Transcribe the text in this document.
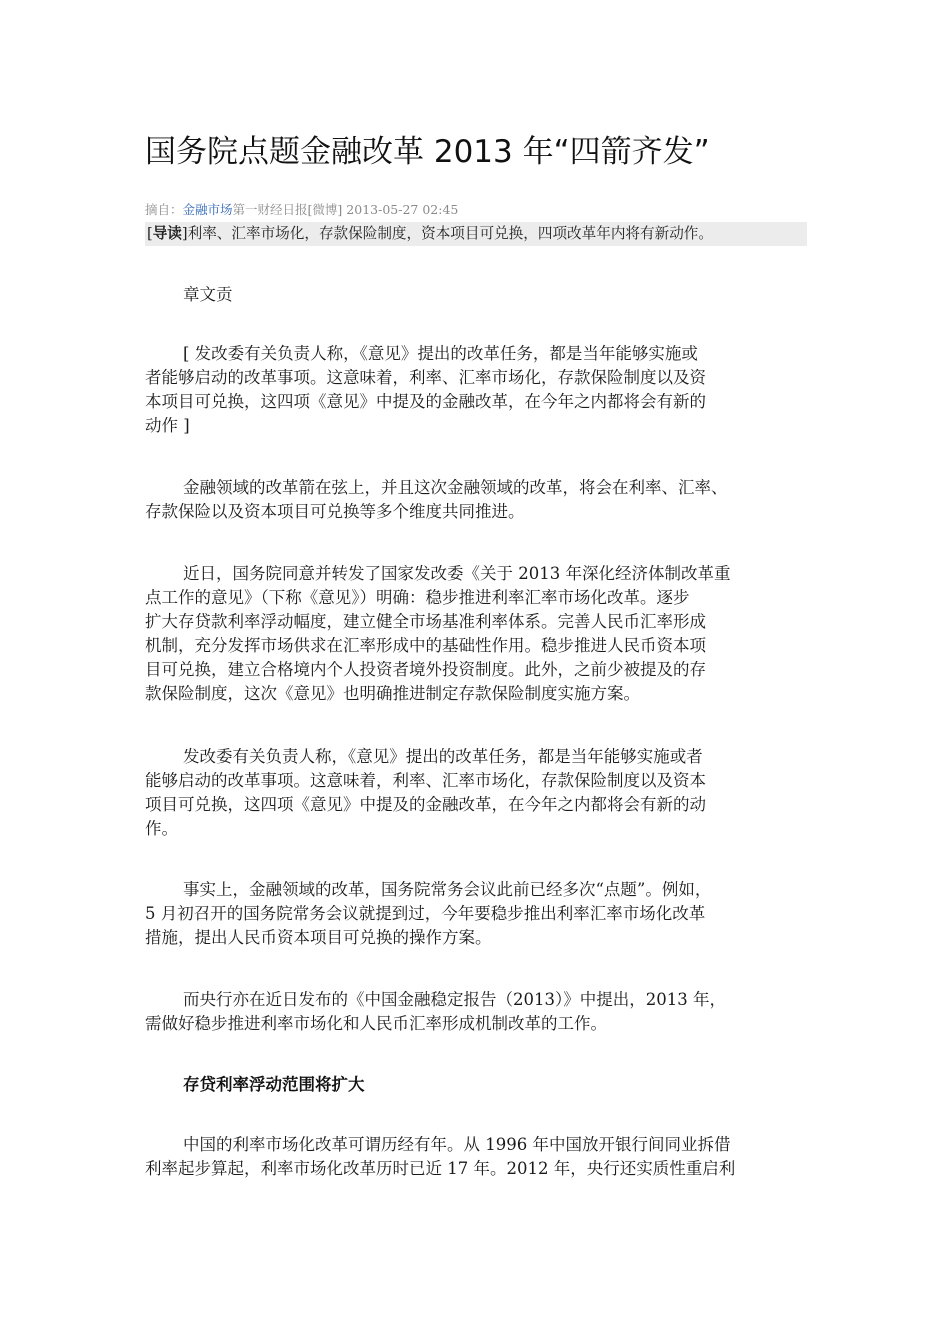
国务院点题金融改革 2013 年“四箭齐发”
摘自：金融市场第一财经日报[微博] 2013-05-27 02:45
[导读]利率、汇率市场化，存款保险制度，资本项目可兑换，四项改革年内将有新动作。

章文贡

[ 发改委有关负责人称，《意见》提出的改革任务，都是当年能够实施或
者能够启动的改革事项。这意味着，利率、汇率市场化，存款保险制度以及资
本项目可兑换，这四项《意见》中提及的金融改革，在今年之内都将会有新的
动作 ]

金融领域的改革箭在弦上，并且这次金融领域的改革，将会在利率、汇率、
存款保险以及资本项目可兑换等多个维度共同推进。

近日，国务院同意并转发了国家发改委《关于 2013 年深化经济体制改革重
点工作的意见》（下称《意见》）明确：稳步推进利率汇率市场化改革。逐步
扩大存贷款利率浮动幅度，建立健全市场基准利率体系。完善人民币汇率形成
机制，充分发挥市场供求在汇率形成中的基础性作用。稳步推进人民币资本项
目可兑换，建立合格境内个人投资者境外投资制度。此外，之前少被提及的存
款保险制度，这次《意见》也明确推进制定存款保险制度实施方案。

发改委有关负责人称，《意见》提出的改革任务，都是当年能够实施或者
能够启动的改革事项。这意味着，利率、汇率市场化，存款保险制度以及资本
项目可兑换，这四项《意见》中提及的金融改革，在今年之内都将会有新的动
作。

事实上，金融领域的改革，国务院常务会议此前已经多次“点题”。例如，
5 月初召开的国务院常务会议就提到过，今年要稳步推出利率汇率市场化改革
措施，提出人民币资本项目可兑换的操作方案。

而央行亦在近日发布的《中国金融稳定报告（2013）》中提出，2013 年，
需做好稳步推进利率市场化和人民币汇率形成机制改革的工作。

存贷利率浮动范围将扩大

中国的利率市场化改革可谓历经有年。从 1996 年中国放开银行间同业拆借
利率起步算起，利率市场化改革历时已近 17 年。2012 年，央行还实质性重启利
